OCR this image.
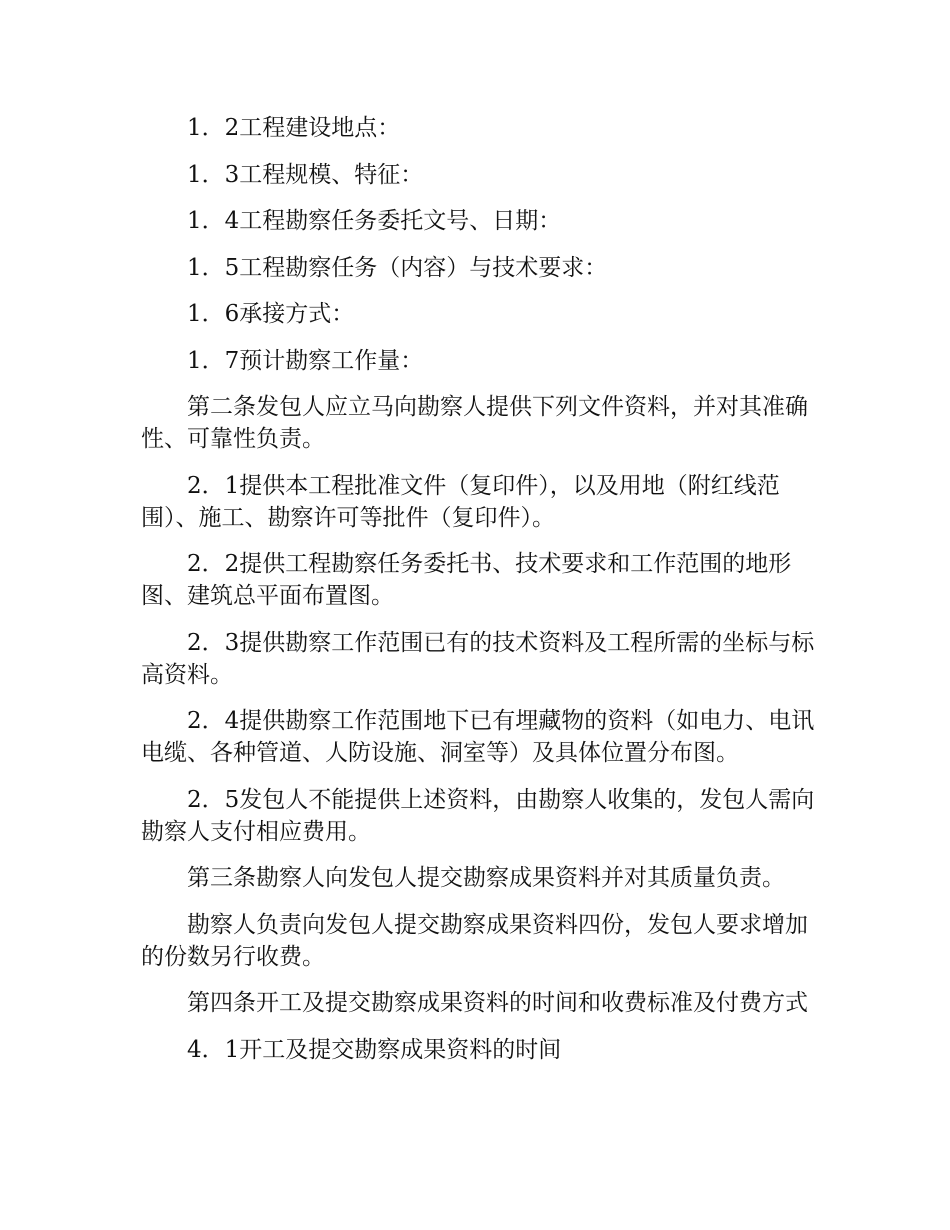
1．2工程建设地点：

1．3工程规模、特征：

1．4工程勘察任务委托文号、日期：

1．5工程勘察任务（内容）与技术要求：

1．6承接方式：

1．7预计勘察工作量：

第二条发包人应立马向勘察人提供下列文件资料，并对其准确性、可靠性负责。

2．1提供本工程批准文件（复印件），以及用地（附红线范围）、施工、勘察许可等批件（复印件）。

2．2提供工程勘察任务委托书、技术要求和工作范围的地形图、建筑总平面布置图。

2．3提供勘察工作范围已有的技术资料及工程所需的坐标与标高资料。

2．4提供勘察工作范围地下已有埋藏物的资料（如电力、电讯电缆、各种管道、人防设施、洞室等）及具体位置分布图。

2．5发包人不能提供上述资料，由勘察人收集的，发包人需向勘察人支付相应费用。

第三条勘察人向发包人提交勘察成果资料并对其质量负责。

勘察人负责向发包人提交勘察成果资料四份，发包人要求增加的份数另行收费。

第四条开工及提交勘察成果资料的时间和收费标准及付费方式

4．1开工及提交勘察成果资料的时间
